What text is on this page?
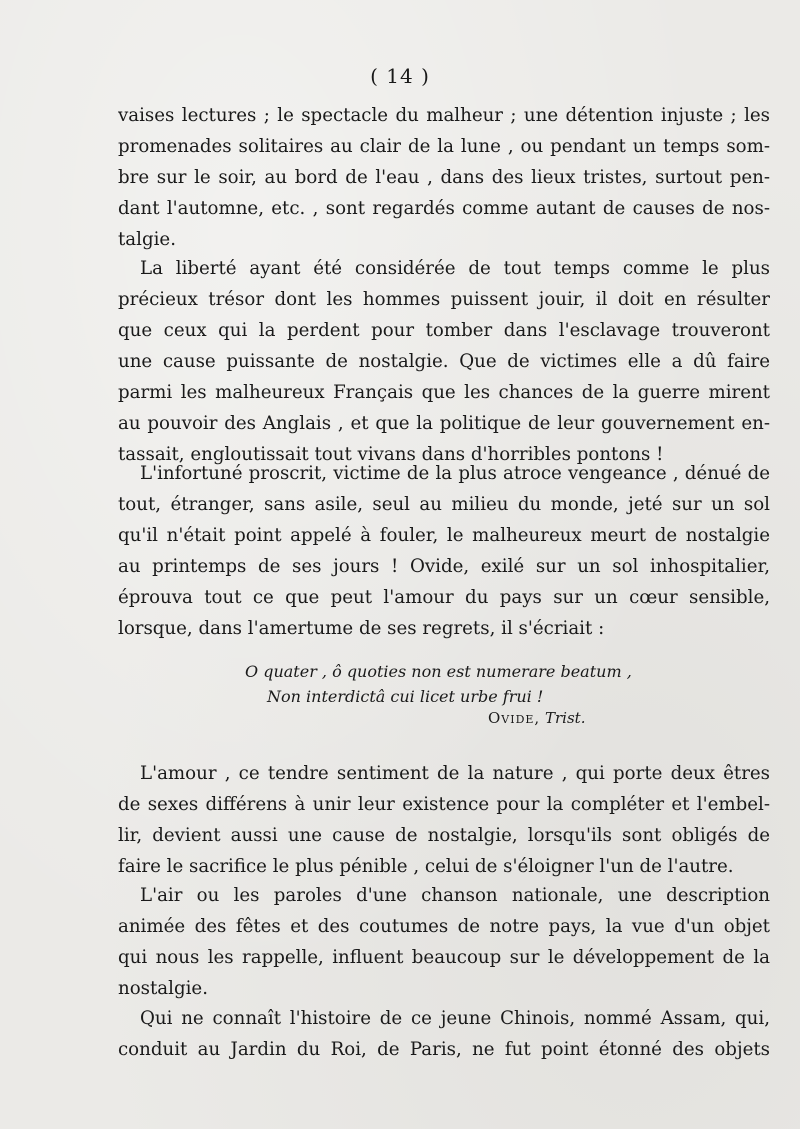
( 14 )
vaises lectures ; le spectacle du malheur ; une détention injuste ; les
promenades solitaires au clair de la lune , ou pendant un temps som-
bre sur le soir, au bord de l'eau , dans des lieux tristes, surtout pen-
dant l'automne, etc. , sont regardés comme autant de causes de nos-
talgie.
La liberté ayant été considérée de tout temps comme le plus
précieux trésor dont les hommes puissent jouir, il doit en résulter
que ceux qui la perdent pour tomber dans l'esclavage trouveront
une cause puissante de nostalgie. Que de victimes elle a dû faire
parmi les malheureux Français que les chances de la guerre mirent
au pouvoir des Anglais , et que la politique de leur gouvernement en-
tassait, engloutissait tout vivans dans d'horribles pontons !
L'infortuné proscrit, victime de la plus atroce vengeance , dénué de
tout, étranger, sans asile, seul au milieu du monde, jeté sur un sol
qu'il n'était point appelé à fouler, le malheureux meurt de nostalgie
au printemps de ses jours ! Ovide, exilé sur un sol inhospitalier,
éprouva tout ce que peut l'amour du pays sur un cœur sensible,
lorsque, dans l'amertume de ses regrets, il s'écriait :
O quater , ô quoties non est numerare beatum ,
Non interdictâ cui licet urbe frui !
Ovide, Trist.
L'amour , ce tendre sentiment de la nature , qui porte deux êtres
de sexes différens à unir leur existence pour la compléter et l'embel-
lir, devient aussi une cause de nostalgie, lorsqu'ils sont obligés de
faire le sacrifice le plus pénible , celui de s'éloigner l'un de l'autre.
L'air ou les paroles d'une chanson nationale, une description
animée des fêtes et des coutumes de notre pays, la vue d'un objet
qui nous les rappelle, influent beaucoup sur le développement de la
nostalgie.
Qui ne connaît l'histoire de ce jeune Chinois, nommé Assam, qui,
conduit au Jardin du Roi, de Paris, ne fut point étonné des objets
